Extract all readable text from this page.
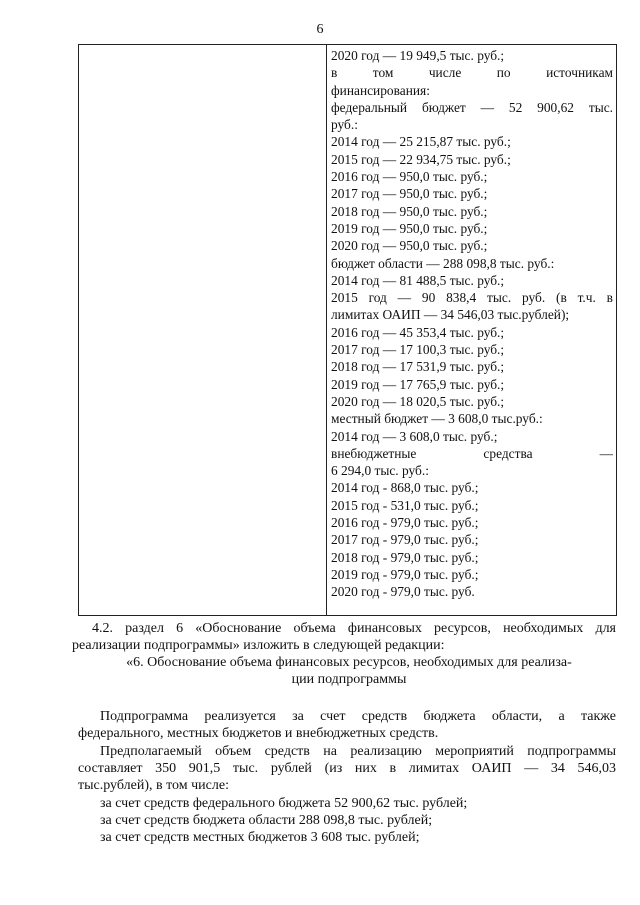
6
2020 год — 19 949,5 тыс. руб.;
в том числе по источникам
финансирования:
федеральный бюджет — 52 900,62 тыс.
руб.:
2014 год — 25 215,87 тыс. руб.;
2015 год — 22 934,75 тыс. руб.;
2016 год — 950,0 тыс. руб.;
2017 год — 950,0 тыс. руб.;
2018 год — 950,0 тыс. руб.;
2019 год — 950,0 тыс. руб.;
2020 год — 950,0 тыс. руб.;
бюджет области — 288 098,8 тыс. руб.:
2014 год — 81 488,5 тыс. руб.;
2015 год — 90 838,4 тыс. руб. (в т.ч. в
лимитах ОАИП — 34 546,03 тыс.рублей);
2016 год — 45 353,4 тыс. руб.;
2017 год — 17 100,3 тыс. руб.;
2018 год — 17 531,9 тыс. руб.;
2019 год — 17 765,9 тыс. руб.;
2020 год — 18 020,5 тыс. руб.;
местный бюджет — 3 608,0 тыс.руб.:
2014 год — 3 608,0 тыс. руб.;
внебюджетные средства —
6 294,0 тыс. руб.:
2014 год - 868,0 тыс. руб.;
2015 год - 531,0 тыс. руб.;
2016 год - 979,0 тыс. руб.;
2017 год - 979,0 тыс. руб.;
2018 год - 979,0 тыс. руб.;
2019 год - 979,0 тыс. руб.;
2020 год - 979,0 тыс. руб.
4.2. раздел 6 «Обоснование объема финансовых ресурсов, необходимых для
реализации подпрограммы» изложить в следующей редакции:
«6. Обоснование объема финансовых ресурсов, необходимых для реализа-
ции подпрограммы
Подпрограмма реализуется за счет средств бюджета области, а также
федерального, местных бюджетов и внебюджетных средств.
Предполагаемый объем средств на реализацию мероприятий подпрограммы
составляет 350 901,5 тыс. рублей (из них в лимитах ОАИП — 34 546,03
тыс.рублей), в том числе:
за счет средств федерального бюджета 52 900,62 тыс. рублей;
за счет средств бюджета области 288 098,8 тыс. рублей;
за счет средств местных бюджетов 3 608 тыс. рублей;
